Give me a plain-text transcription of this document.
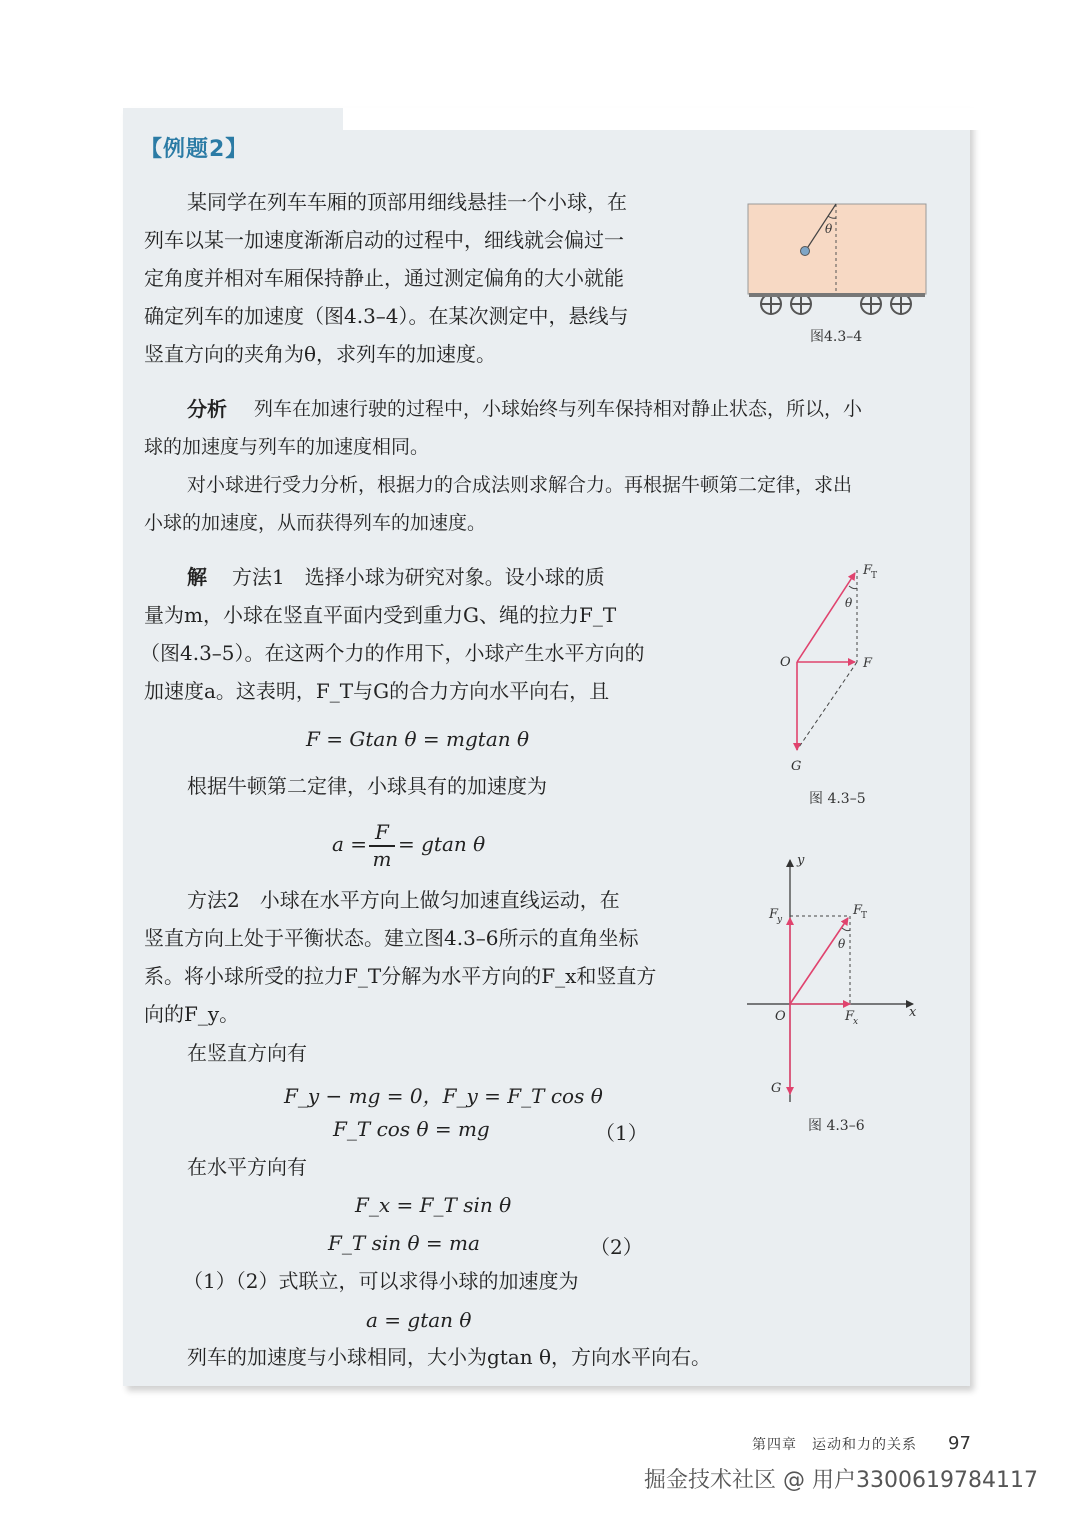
【例题2】
某同学在列车车厢的顶部用细线悬挂一个小球，在
列车以某一加速度渐渐启动的过程中，细线就会偏过一
定角度并相对车厢保持静止，通过测定偏角的大小就能
确定列车的加速度（图4.3–4）。在某次测定中，悬线与
竖直方向的夹角为θ，求列车的加速度。
θ
图4.3–4
分析 列车在加速行驶的过程中，小球始终与列车保持相对静止状态，所以，小
球的加速度与列车的加速度相同。
对小球进行受力分析，根据力的合成法则求解合力。再根据牛顿第二定律，求出
小球的加速度，从而获得列车的加速度。
解 方法1　选择小球为研究对象。设小球的质
量为m，小球在竖直平面内受到重力G、绳的拉力F_T
（图4.3–5）。在这两个力的作用下，小球产生水平方向的
加速度a。这表明，F_T与G的合力方向水平向右，且
F = Gtan θ = mgtan θ
根据牛顿第二定律，小球具有的加速度为
a = F
m
= gtan θ
θ
F
T
O	F
G
图 4.3–5
方法2　小球在水平方向上做匀加速直线运动，在
竖直方向上处于平衡状态。建立图4.3–6所示的直角坐标
系。将小球所受的拉力F_T分解为水平方向的F_x和竖直方
向的F_y。
在竖直方向有
F_y − mg = 0，F_y = F_T cos θ
F_T cos θ = mg	（1）
在水平方向有
F_x = F_T sin θ
F_T sin θ = ma	（2）
（1）（2）式联立，可以求得小球的加速度为
a = gtan θ
列车的加速度与小球相同，大小为gtan θ，方向水平向右。
θ
y
x
O
F
T
F
y
F
x
G
图 4.3–6
第四章　运动和力的关系 97
掘金技术社区 @ 用户3300619784117
